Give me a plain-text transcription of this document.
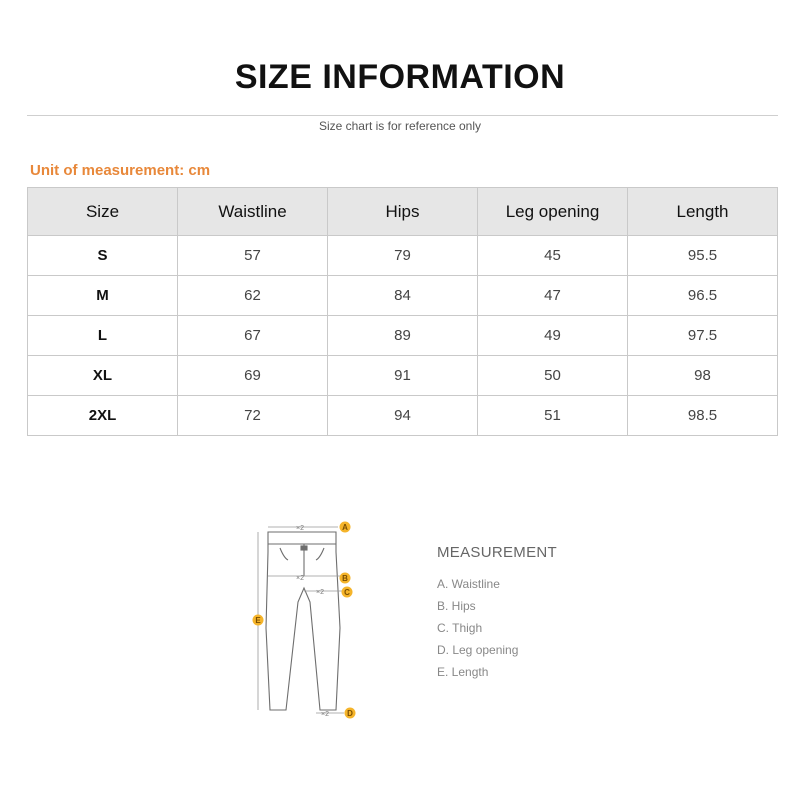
SIZE INFORMATION
Size chart is for reference only
Unit of measurement: cm
Size	Waistline	Hips	Leg opening	Length
S	57	79	45	95.5
M	62	84	47	96.5
L	67	89	49	97.5
XL	69	91	50	98
2XL	72	94	51	98.5
×2
×2
×2
×2
A
B
C
D
E
MEASUREMENT
A. Waistline
B. Hips
C. Thigh
D. Leg opening
E. Length
